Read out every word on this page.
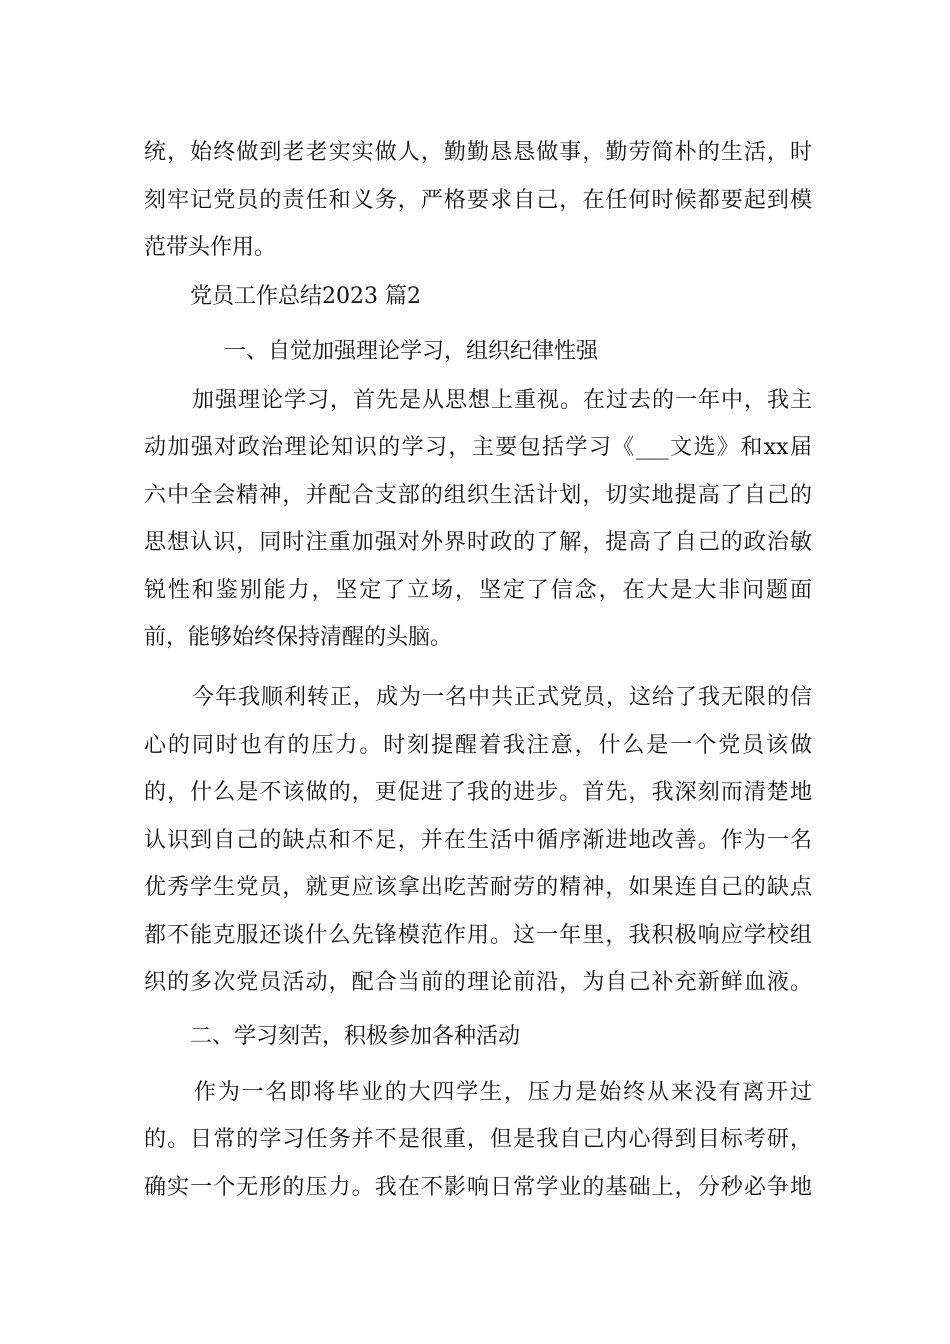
统，始终做到老老实实做人，勤勤恳恳做事，勤劳简朴的生活，时
刻牢记党员的责任和义务，严格要求自己，在任何时候都要起到模
范带头作用。
党员工作总结2023 篇2
一、自觉加强理论学习，组织纪律性强
加强理论学习，首先是从思想上重视。在过去的一年中，我主
动加强对政治理论知识的学习，主要包括学习《___文选》和xx届
六中全会精神，并配合支部的组织生活计划，切实地提高了自己的
思想认识，同时注重加强对外界时政的了解，提高了自己的政治敏
锐性和鉴别能力，坚定了立场，坚定了信念，在大是大非问题面
前，能够始终保持清醒的头脑。
今年我顺利转正，成为一名中共正式党员，这给了我无限的信
心的同时也有的压力。时刻提醒着我注意，什么是一个党员该做
的，什么是不该做的，更促进了我的进步。首先，我深刻而清楚地
认识到自己的缺点和不足，并在生活中循序渐进地改善。作为一名
优秀学生党员，就更应该拿出吃苦耐劳的精神，如果连自己的缺点
都不能克服还谈什么先锋模范作用。这一年里，我积极响应学校组
织的多次党员活动，配合当前的理论前沿，为自己补充新鲜血液。
二、学习刻苦，积极参加各种活动
作为一名即将毕业的大四学生，压力是始终从来没有离开过
的。日常的学习任务并不是很重，但是我自己内心得到目标考研，
确实一个无形的压力。我在不影响日常学业的基础上，分秒必争地
